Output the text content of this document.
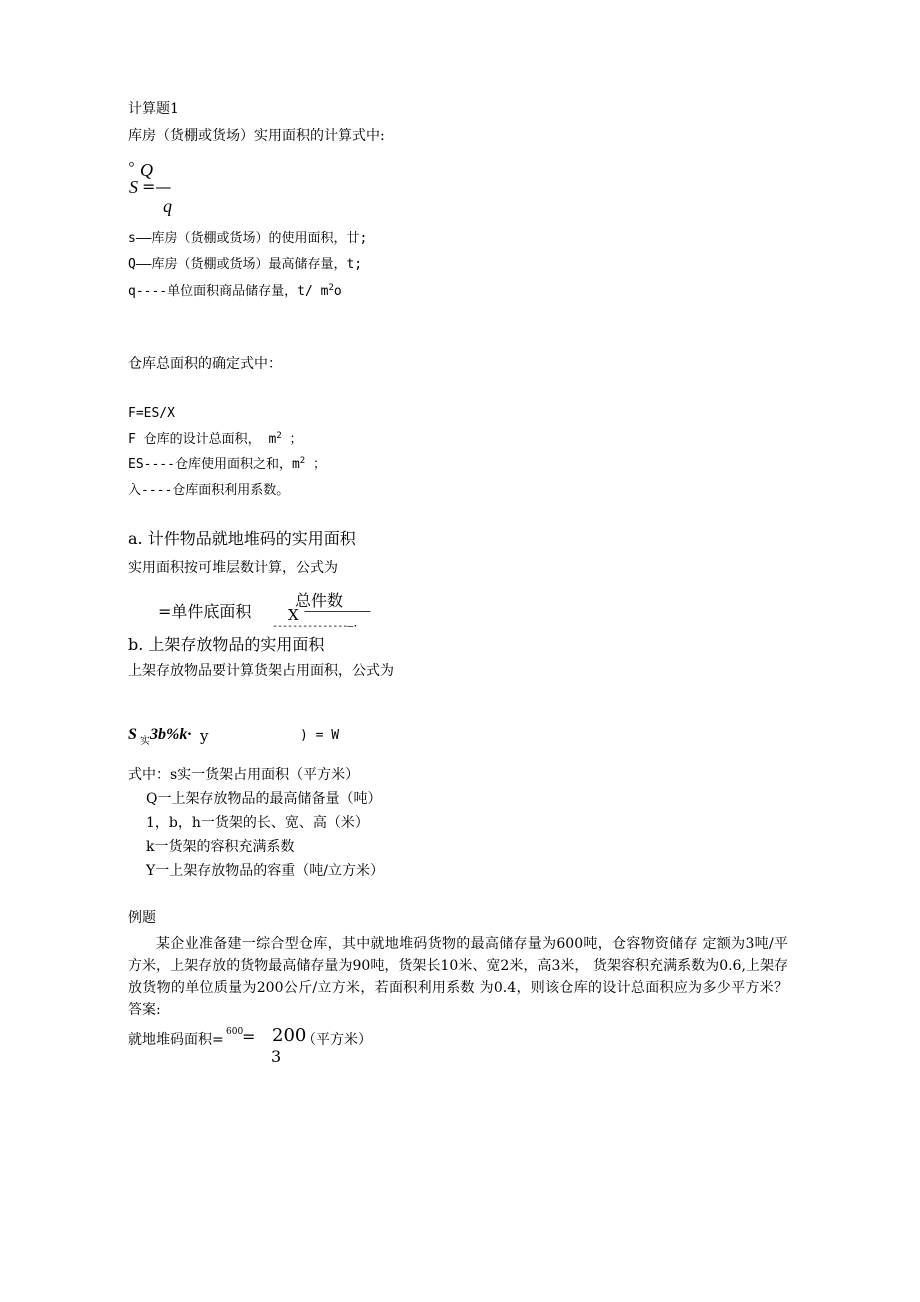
计算题1
库房（货棚或货场）实用面积的计算式中:
° Q
S =—
q
s——库房（货棚或货场）的使用面积，廿;
Q——库房（货棚或货场）最高储存量，t;
q----单位面积商品储存量，t/ $m^2o$
仓库总面积的确定式中：
F=ES/X
F 仓库的设计总面积， $m^2$ ；
ES----仓库使用面积之和，$m^2$ ；
入----仓库面积利用系数。
a. 计件物品就地堆码的实用面积
实用面积按可堆层数计算，公式为
=单件底面积
总件数
X ——————
---------------—·
b. 上架存放物品的实用面积
上架存放物品要计算货架占用面积，公式为
S 实 3b%k· y	) = W
式中：s实一货架占用面积（平方米）
Q一上架存放物品的最高储备量（吨）
1，b，h一货架的长、宽、高（米）
k一货架的容积充满系数
Y一上架存放物品的容重（吨/立方米）
例题
某企业准备建一综合型仓库，其中就地堆码货物的最高储存量为600吨，仓容物资储存 定额为3吨/平方米，上架存放的货物最高储存量为90吨，货架长10米、宽2米，高3米， 货架容积充满系数为0.6,上架存放货物的单位质量为200公斤/立方米，若面积利用系数 为0.4，则该仓库的设计总面积应为多少平方米？ 答案:
就地堆码面积= 600
= 200
（平方米）
3
